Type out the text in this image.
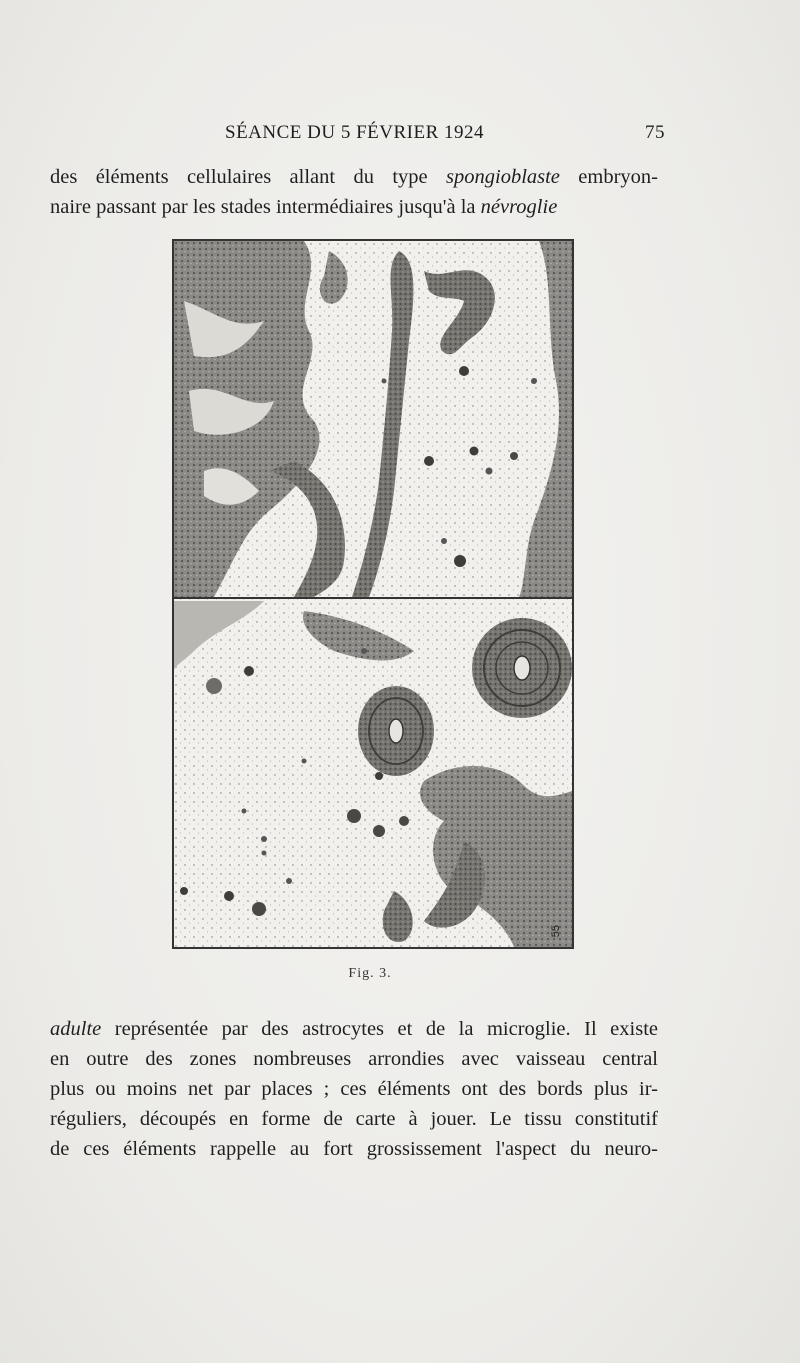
SÉANCE DU 5 FÉVRIER 1924	75
des éléments cellulaires allant du type spongioblaste embryon-
naire passant par les stades intermédiaires jusqu'à la névroglie
55
Fig. 3.
adulte représentée par des astrocytes et de la microglie. Il existe
en outre des zones nombreuses arrondies avec vaisseau central
plus ou moins net par places ; ces éléments ont des bords plus ir-
réguliers, découpés en forme de carte à jouer. Le tissu constitutif
de ces éléments rappelle au fort grossissement l'aspect du neuro-
